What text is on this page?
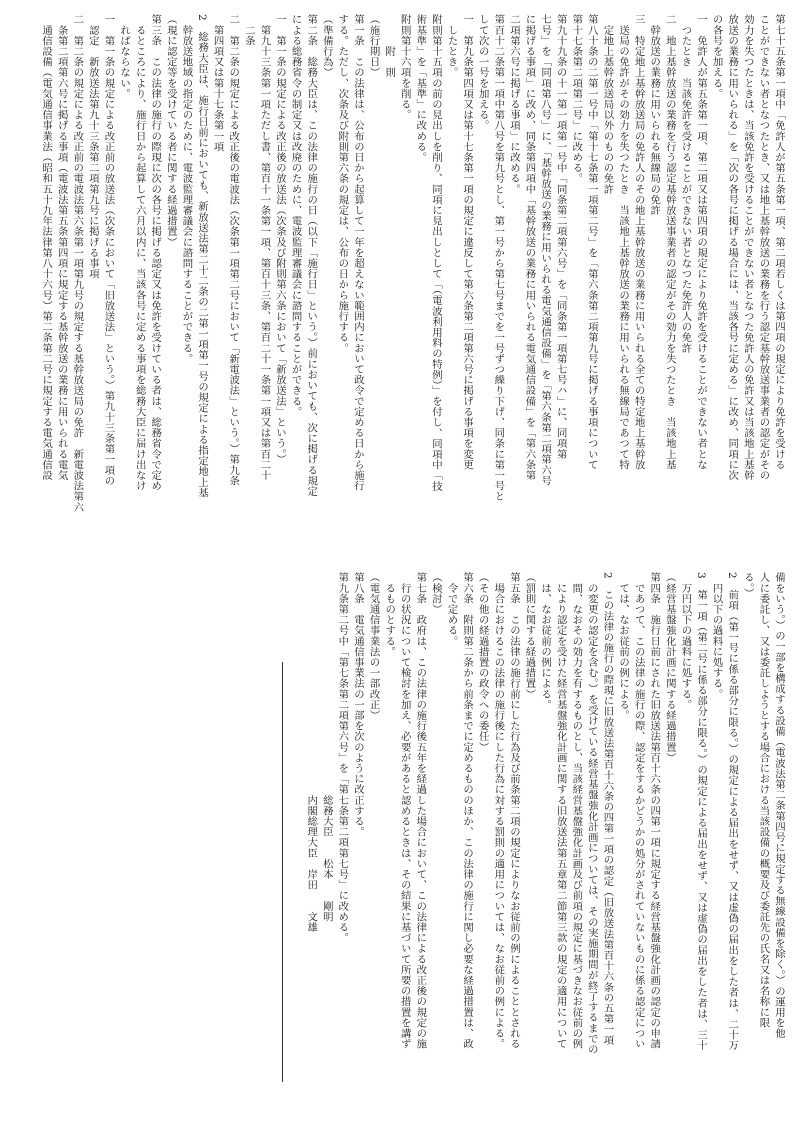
第七十五条第一項中「免許人が第五条第一項、第二項若しくは第四項の規定により免許を受ける
ことができない者となつたとき、又は地上基幹放送の業務を行う認定基幹放送事業者の認定がその
効力を失つたときは、当該免許を受けることができない者となつた免許人の免許又は当該地上基幹
放送の業務に用いられる」を「次の各号に掲げる場合には、当該各号に定める」に改め、同項に次
の各号を加える。
一　免許人が第五条第一項、第二項又は第四項の規定により免許を受けることができない者とな
　つたとき　当該免許を受けることができない者となつた免許人の免許
二　地上基幹放送の業務を行う認定基幹放送事業者の認定がその効力を失つたとき　当該地上基
　幹放送の業務に用いられる無線局の免許
三　特定地上基幹放送局の免許人のその地上基幹放送の業務に用いられる全ての特定地上基幹放
　送局の免許がその効力を失つたとき　当該地上基幹放送の業務に用いられる無線局であつて特
　定地上基幹放送局以外のものの免許
第八十条の二第一号中「第十七条第一項第二号」を「第六条第二項第九号に掲げる事項について
第十七条第二項第二号」に改める。
第九十九条の十一第一項第一号中「同条第二項第六号」を「同条第一項第七号ハ」に、同項第
七号」を「同項第八号」に、「基幹放送の業務に用いられる電気通信設備」を「第六条第二項第六号
に掲げる事項」に改め、同条第四項中「基幹放送の業務に用いられる電気通信設備」を「第六条第
二項第六号に掲げる事項」に改める。
第百十二条第一項中第八号を第九号とし、第一号から第七号までを一号ずつ繰り下げ、同条に第一号と
して次の一号を加える。
一　第九条第四項又は第十七条第一項の規定に違反して第六条第二項第六号に掲げる事項を変更
　したとき。
附則第十五項の前の見出しを削り、同項に見出しとして「（電波利用料の特例）」を付し、同項中「技
術基準」を「基準」に改める。
附則第十六項を削る。
　　　附　則
（施行期日）
第一条　この法律は、公布の日から起算して一年を超えない範囲内において政令で定める日から施行
する。ただし、次条及び附則第六条の規定は、公布の日から施行する。
（準備行為）
第二条　総務大臣は、この法律の施行の日（以下「施行日」という。）前においても、次に掲げる規定
による総務省令の制定又は改廃のために、電波監理審議会に諮問することができる。
一　第一条の規定による改正後の放送法（次条及び附則第六条において「新放送法」という。）
　第九十三条第一項ただし書、第百十一条第一項、第百十三条、第百二十一条第一項又は第百二十
　二条
二　第二条の規定による改正後の電波法（次条第一項第二号において「新電波法」という。）第九条
　第四項又は第十七条第一項
2　総務大臣は、施行日前においても、新放送法第二十二条の二第一項第一号の規定による指定地上基
　幹放送地域の指定のために、電波監理審議会に諮問することができる。
（現に認定等を受けている者に関する経過措置）
第三条　この法律の施行の際現に次の各号に掲げる認定又は免許を受けている者は、総務省令で定め
　るところにより、施行日から起算して六月以内に、当該各号に定める事項を総務大臣に届け出なけ
　ればならない。
一　第一条の規定による改正前の放送法（次条において「旧放送法」という。）第九十三条第一項の
　認定　新放送法第九十三条第二項第九号に掲げる事項
二　第二条の規定による改正前の電波法第六条第一項第九号の規定する基幹放送局の免許　新電波法第六
　条第二項第六号に掲げる事項（電波法第五条第四項に規定する基幹放送の業務に用いられる電気
　通信設備（電気通信事業法（昭和五十九年法律第八十六号）第二条第二号に規定する電気通信設
備をいう。）の一部を構成する設備（電波法第二条第四号に規定する無線設備を除く。）の運用を他
人に委託し、又は委託しようとする場合における当該設備の概要及び委託先の氏名又は名称に限
る。）
2　前項（第一号に係る部分に限る。）の規定による届出をせず、又は虚偽の届出をした者は、二十万
　円以下の過料に処する。
3　第一項（第二号に係る部分に限る。）の規定による届出をせず、又は虚偽の届出をした者は、三十
　万円以下の過料に処する。
（経営基盤強化計画に関する経過措置）
第四条　施行日前にされた旧放送法第百十六条の四第一項に規定する経営基盤強化計画の認定の申請
　であつて、この法律の施行の際、認定をするかどうかの処分がされていないものに係る認定につい
　ては、なお従前の例による。
2　この法律の施行の際現に旧放送法第百十六条の四第一項の認定（旧放送法第百十六条の五第一項
　の変更の認定を含む。）を受けている経営基盤強化計画については、その実施期間が終了するまでの
　間、なおその効力を有するものとし、当該経営基盤強化計画及び前項の規定に基づきなお従前の例
　により認定を受けた経営基盤強化計画に関する旧放送法第五章第二節第三款の規定の適用について
　は、なお従前の例による。
（罰則に関する経過措置）
第五条　この法律の施行前にした行為及び前条第二項の規定によりなお従前の例によることとされる
　場合におけるこの法律の施行後にした行為に対する罰則の適用については、なお従前の例による。
（その他の経過措置の政令への委任）
第六条　附則第二条から前条までに定めるもののほか、この法律の施行に関し必要な経過措置は、政
　令で定める。
（検討）
第七条　政府は、この法律の施行後五年を経過した場合において、この法律による改正後の規定の施
　行の状況について検討を加え、必要があると認めるときは、その結果に基づいて所要の措置を講ず
　るものとする。
（電気通信事業法の一部改正）
第八条　電気通信事業法の一部を次のように改正する。
第九条第二号中「第七条第二項第六号」を「第七条第二項第七号」に改める。
　　　　　　　　　　　　　　　　　　　　　総務大臣　　松本　　剛明
　　　　　　　　　　　　　　　　　　　　　内閣総理大臣　岸田　　文雄
